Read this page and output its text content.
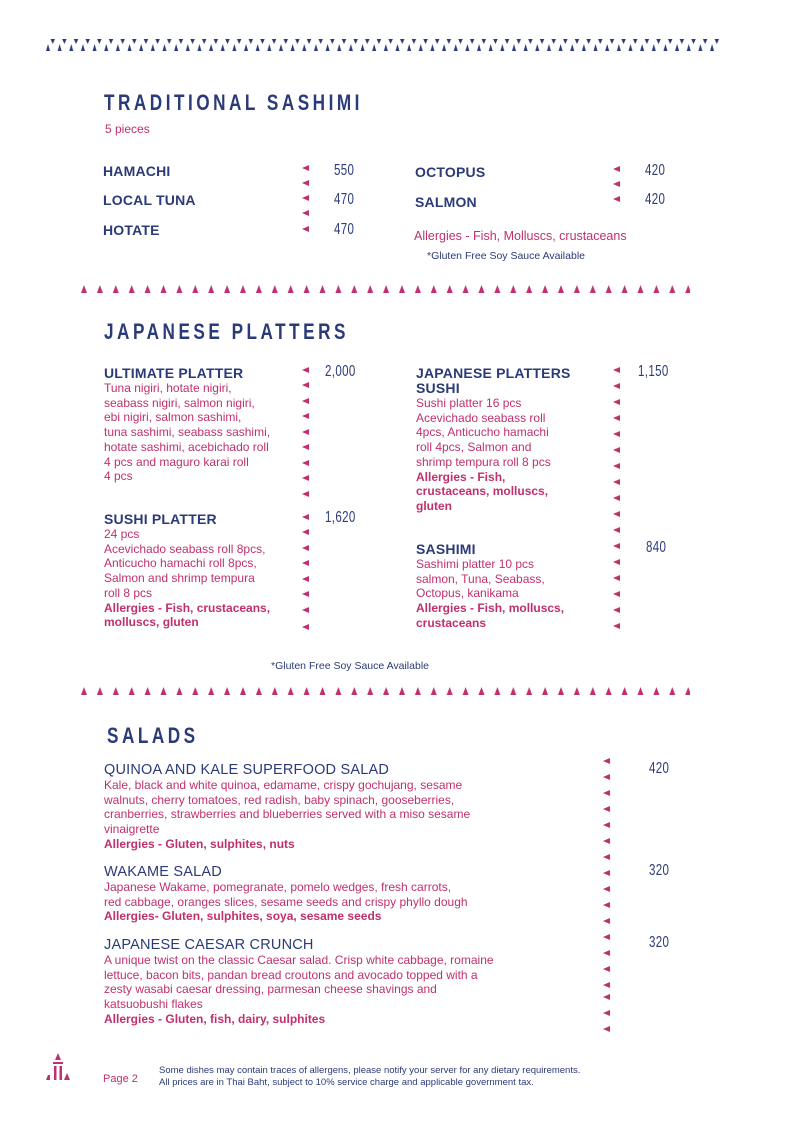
TRADITIONAL SASHIMI
5 pieces
HAMACHI
LOCAL TUNA
HOTATE
550
470
470
OCTOPUS
SALMON
420
420
Allergies - Fish, Molluscs, crustaceans
*Gluten Free Soy Sauce Available
JAPANESE PLATTERS
ULTIMATE PLATTER
Tuna nigiri, hotate nigiri,
seabass nigiri, salmon nigiri,
ebi nigiri, salmon sashimi,
tuna sashimi, seabass sashimi,
hotate sashimi, acebichado roll
4 pcs and maguro karai roll
4 pcs
2,000
SUSHI PLATTER
24 pcs
Acevichado seabass roll 8pcs,
Anticucho hamachi roll 8pcs,
Salmon and shrimp tempura
roll 8 pcs
Allergies - Fish, crustaceans,
molluscs, gluten
1,620
JAPANESE PLATTERS
SUSHI
Sushi platter 16 pcs
Acevichado seabass roll
4pcs, Anticucho hamachi
roll 4pcs, Salmon and
shrimp tempura roll 8 pcs
Allergies - Fish,
crustaceans, molluscs,
gluten
1,150
SASHIMI
Sashimi platter 10 pcs
salmon, Tuna, Seabass,
Octopus, kanikama
Allergies - Fish, molluscs,
crustaceans
840
*Gluten Free Soy Sauce Available
SALADS
QUINOA AND KALE SUPERFOOD SALAD
Kale, black and white quinoa, edamame, crispy gochujang, sesame
walnuts, cherry tomatoes, red radish, baby spinach, gooseberries,
cranberries, strawberries and blueberries served with a miso sesame
vinaigrette
Allergies - Gluten, sulphites, nuts
420
WAKAME SALAD
Japanese Wakame, pomegranate, pomelo wedges, fresh carrots,
red cabbage, oranges slices, sesame seeds and crispy phyllo dough
Allergies- Gluten, sulphites, soya, sesame seeds
320
JAPANESE CAESAR CRUNCH
A unique twist on the classic Caesar salad. Crisp white cabbage, romaine
lettuce, bacon bits, pandan bread croutons and avocado topped with a
zesty wasabi caesar dressing, parmesan cheese shavings and
katsuobushi flakes
Allergies - Gluten, fish, dairy, sulphites
320
Page 2
Some dishes may contain traces of allergens, please notify your server for any dietary requirements.
All prices are in Thai Baht, subject to 10% service charge and applicable government tax.
